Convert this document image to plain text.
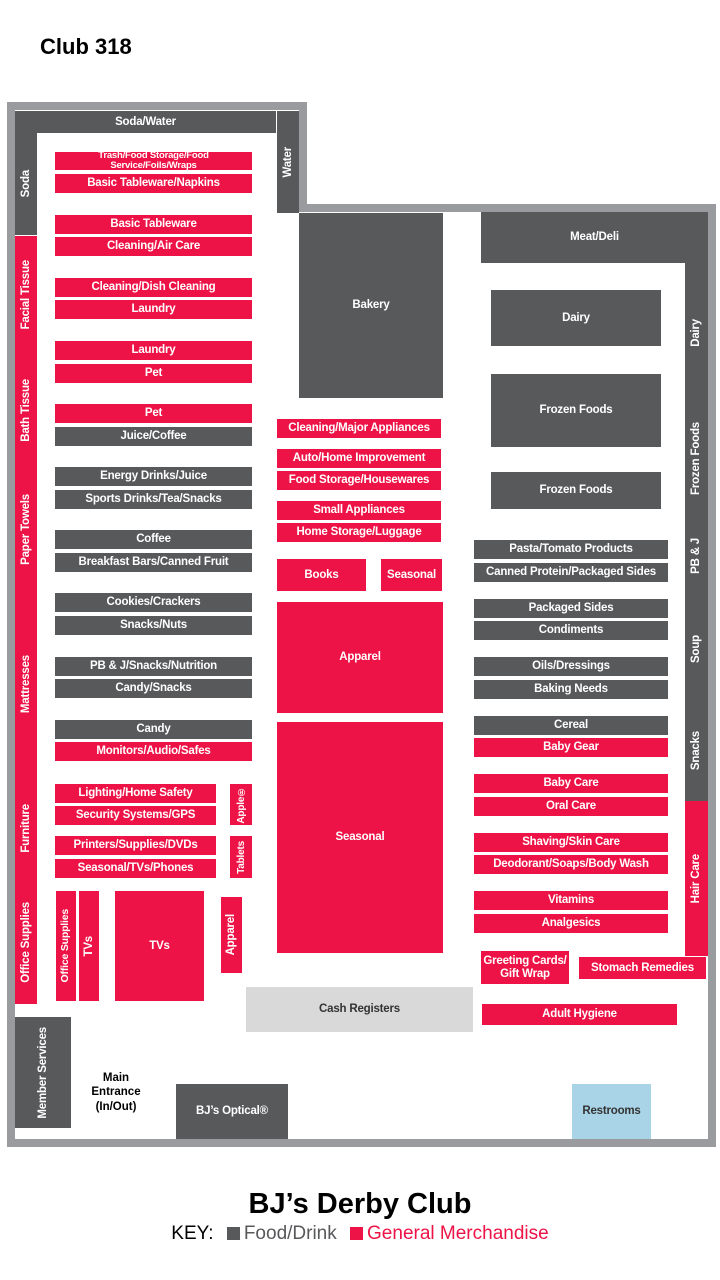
Club 318
Soda/Water
Soda
Water
Facial Tissue
Bath Tissue
Paper Towels
Mattresses
Furniture
Office Supplies
Trash/Food Storage/Food Service/Foils/Wraps
Basic Tableware/Napkins
Basic Tableware
Cleaning/Air Care
Cleaning/Dish Cleaning
Laundry
Laundry
Pet
Pet
Juice/Coffee
Energy Drinks/Juice
Sports Drinks/Tea/Snacks
Coffee
Breakfast Bars/Canned Fruit
Cookies/Crackers
Snacks/Nuts
PB & J/Snacks/Nutrition
Candy/Snacks
Candy
Monitors/Audio/Safes
Lighting/Home Safety
Security Systems/GPS
Printers/Supplies/DVDs
Seasonal/TVs/Phones
Apple®
Tablets
Office Supplies TVs	TVs	Apparel
Bakery
Cleaning/Major Appliances
Auto/Home Improvement
Food Storage/Housewares
Small Appliances
Home Storage/Luggage
Books	Seasonal
Apparel
Seasonal
Meat/Deli
Dairy
Frozen Foods
PB & J
Soup
Snacks
Hair Care
Dairy
Frozen Foods
Frozen Foods
Pasta/Tomato Products
Canned Protein/Packaged Sides
Packaged Sides
Condiments
Oils/Dressings
Baking Needs
Cereal
Baby Gear
Baby Care
Oral Care
Shaving/Skin Care
Deodorant/Soaps/Body Wash
Vitamins
Analgesics
Greeting Cards/ Gift Wrap	Stomach Remedies
Adult Hygiene
Cash Registers
Member Services	Main Entrance (In/Out)	BJ’s Optical®	Restrooms
BJ’s Derby Club
KEY: Food/Drink General Merchandise
